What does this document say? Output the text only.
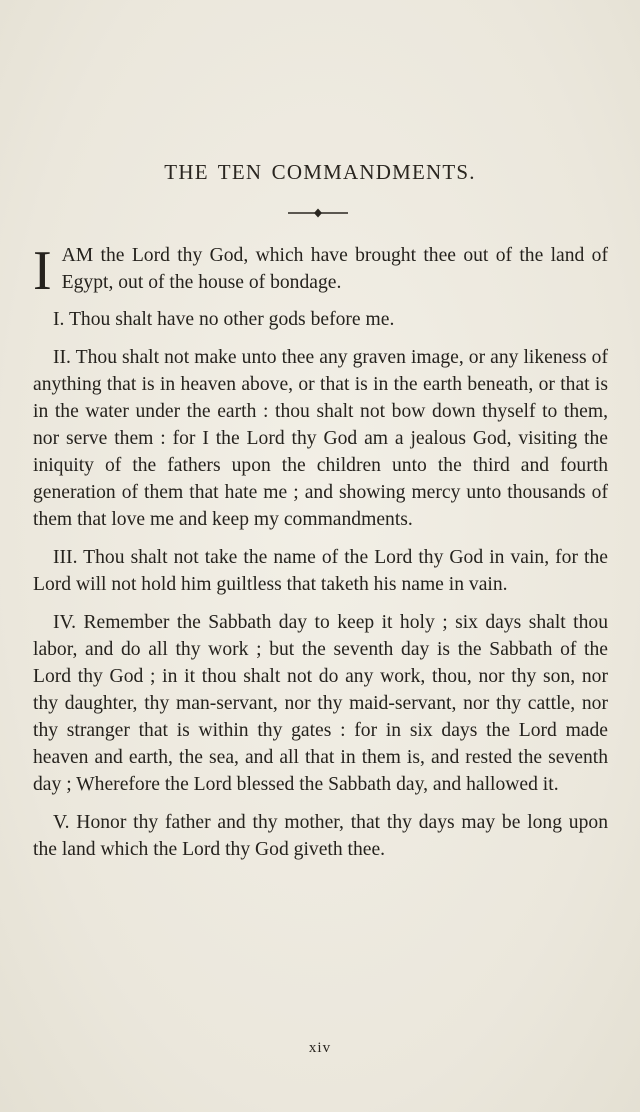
THE TEN COMMANDMENTS.

I AM the Lord thy God, which have brought thee out of the land of Egypt, out of the house of bondage.

I. Thou shalt have no other gods before me.

II. Thou shalt not make unto thee any graven image, or any likeness of anything that is in heaven above, or that is in the earth beneath, or that is in the water under the earth : thou shalt not bow down thyself to them, nor serve them : for I the Lord thy God am a jealous God, visiting the iniquity of the fathers upon the children unto the third and fourth generation of them that hate me ; and showing mercy unto thousands of them that love me and keep my commandments.

III. Thou shalt not take the name of the Lord thy God in vain, for the Lord will not hold him guiltless that taketh his name in vain.

IV. Remember the Sabbath day to keep it holy ; six days shalt thou labor, and do all thy work ; but the seventh day is the Sabbath of the Lord thy God ; in it thou shalt not do any work, thou, nor thy son, nor thy daughter, thy man-servant, nor thy maid-servant, nor thy cattle, nor thy stranger that is within thy gates : for in six days the Lord made heaven and earth, the sea, and all that in them is, and rested the seventh day ; Wherefore the Lord blessed the Sabbath day, and hallowed it.

V. Honor thy father and thy mother, that thy days may be long upon the land which the Lord thy God giveth thee.

xiv
